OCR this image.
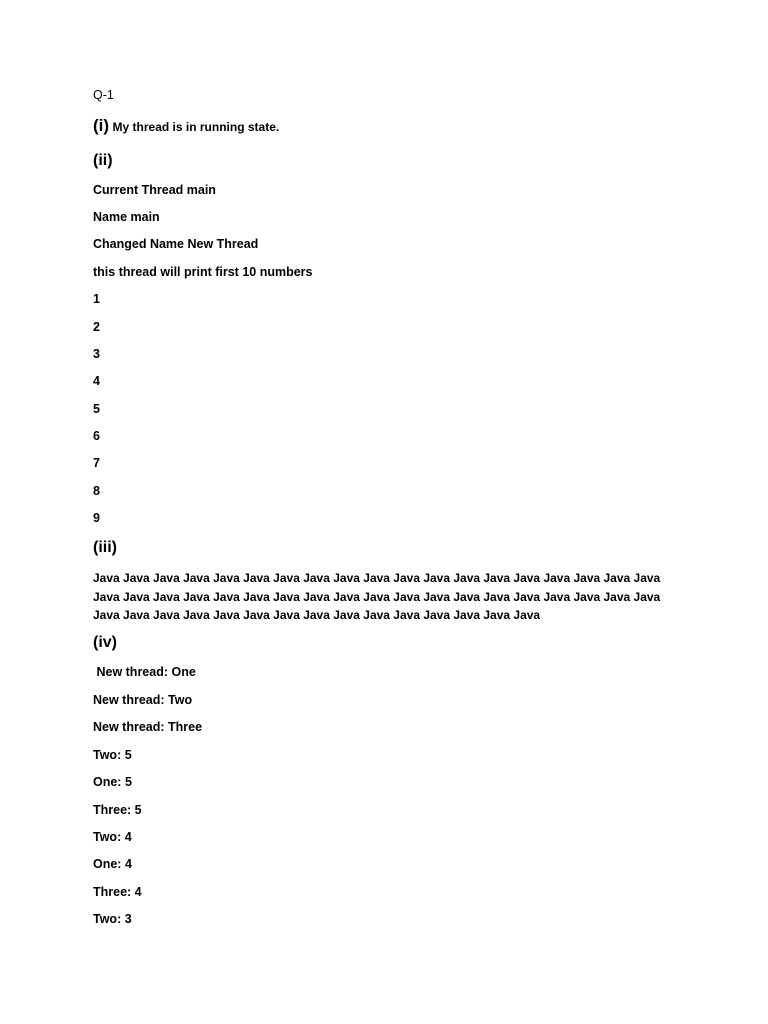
Q-1
(i) My thread is in running state.
(ii)
Current Thread main
Name main
Changed Name New Thread
this thread will print first 10 numbers
1
2
3
4
5
6
7
8
9
(iii)
Java Java Java Java Java Java Java Java Java Java Java Java Java Java Java Java Java Java Java Java Java Java Java Java Java Java Java Java Java Java Java Java Java Java Java Java Java Java Java Java Java Java Java Java Java Java Java Java Java Java Java Java Java
(iv)
New thread: One
New thread: Two
New thread: Three
Two: 5
One: 5
Three: 5
Two: 4
One: 4
Three: 4
Two: 3
